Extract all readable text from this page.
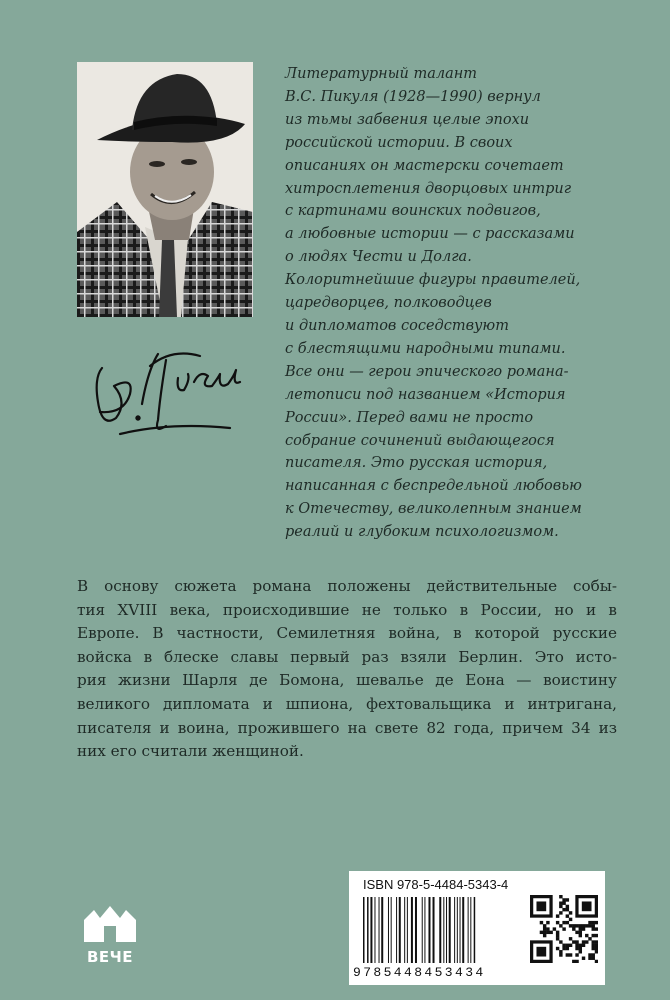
Литературный талант
В.С. Пикуля (1928—1990) вернул
из тьмы забвения целые эпохи
российской истории. В своих
описаниях он мастерски сочетает
хитросплетения дворцовых интриг
с картинами воинских подвигов,
а любовные истории — с рассказами
о людях Чести и Долга.
Колоритнейшие фигуры правителей,
царедворцев, полководцев
и дипломатов соседствуют
с блестящими народными типами.
Все они — герои эпического романа-
летописи под названием «История
России». Перед вами не просто
собрание сочинений выдающегося
писателя. Это русская история,
написанная с беспредельной любовью
к Отечеству, великолепным знанием
реалий и глубоким психологизмом.
В основу сюжета романа положены действительные собы-
тия XVIII века, происходившие не только в России, но и в
Европе. В частности, Семилетняя война, в которой русские
войска в блеске славы первый раз взяли Берлин. Это исто-
рия жизни Шарля де Бомона, шевалье де Еона — воистину
великого дипломата и шпиона, фехтовальщика и интригана,
писателя и воина, прожившего на свете 82 года, причем 34 из
них его считали женщиной.
ВЕЧЕ
ISBN 978-5-4484-5343-4
9785448453434
